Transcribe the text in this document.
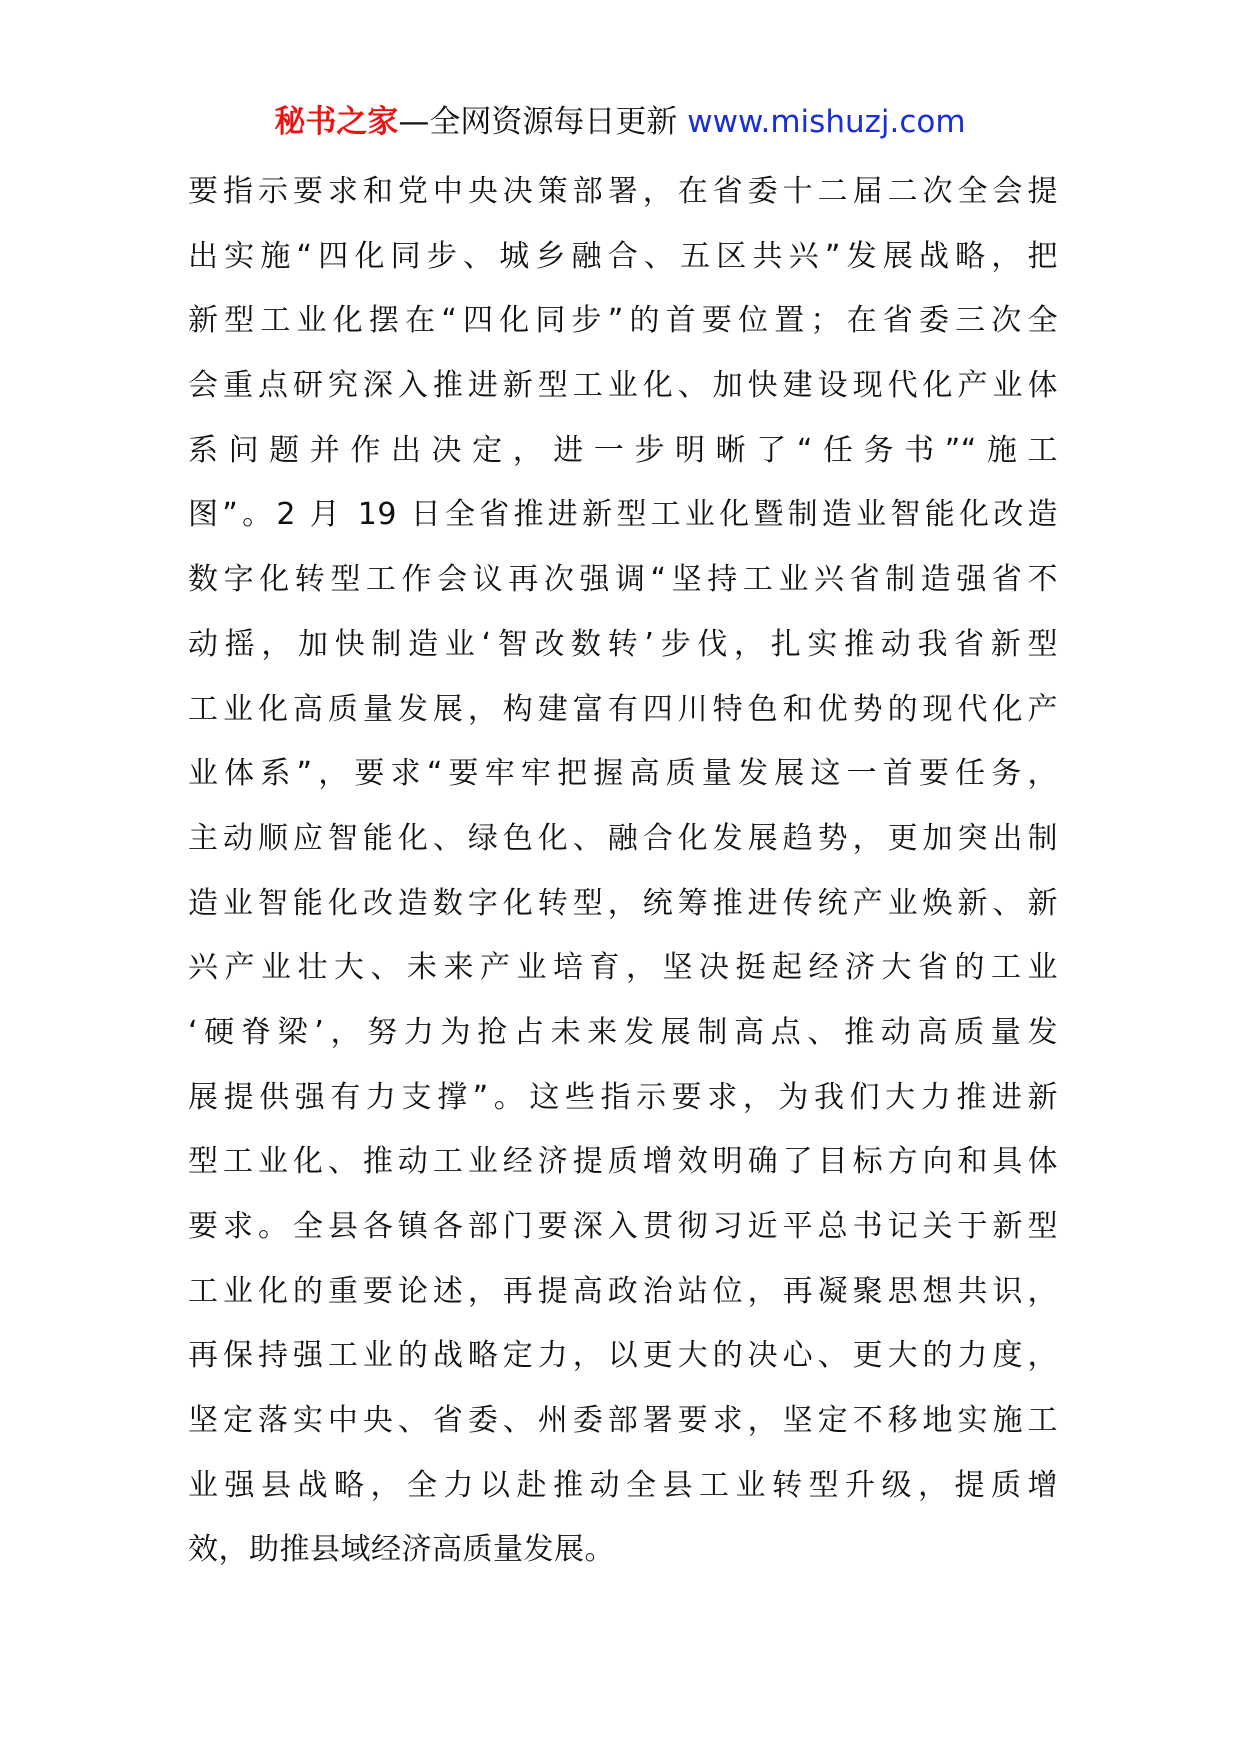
秘书之家—全网资源每日更新 www.mishuzj.com
要指示要求和党中央决策部署，在省委十二届二次全会提
出实施“四化同步、城乡融合、五区共兴”发展战略，把
新型工业化摆在“四化同步”的首要位置；在省委三次全
会重点研究深入推进新型工业化、加快建设现代化产业体
系问题并作出决定，进一步明晰了“任务书”“施工
图”。2 月 19 日全省推进新型工业化暨制造业智能化改造
数字化转型工作会议再次强调“坚持工业兴省制造强省不
动摇，加快制造业‘智改数转’步伐，扎实推动我省新型
工业化高质量发展，构建富有四川特色和优势的现代化产
业体系”，要求“要牢牢把握高质量发展这一首要任务，
主动顺应智能化、绿色化、融合化发展趋势，更加突出制
造业智能化改造数字化转型，统筹推进传统产业焕新、新
兴产业壮大、未来产业培育，坚决挺起经济大省的工业
‘硬脊梁’，努力为抢占未来发展制高点、推动高质量发
展提供强有力支撑”。这些指示要求，为我们大力推进新
型工业化、推动工业经济提质增效明确了目标方向和具体
要求。全县各镇各部门要深入贯彻习近平总书记关于新型
工业化的重要论述，再提高政治站位，再凝聚思想共识，
再保持强工业的战略定力，以更大的决心、更大的力度，
坚定落实中央、省委、州委部署要求，坚定不移地实施工
业强县战略，全力以赴推动全县工业转型升级，提质增
效，助推县域经济高质量发展。
